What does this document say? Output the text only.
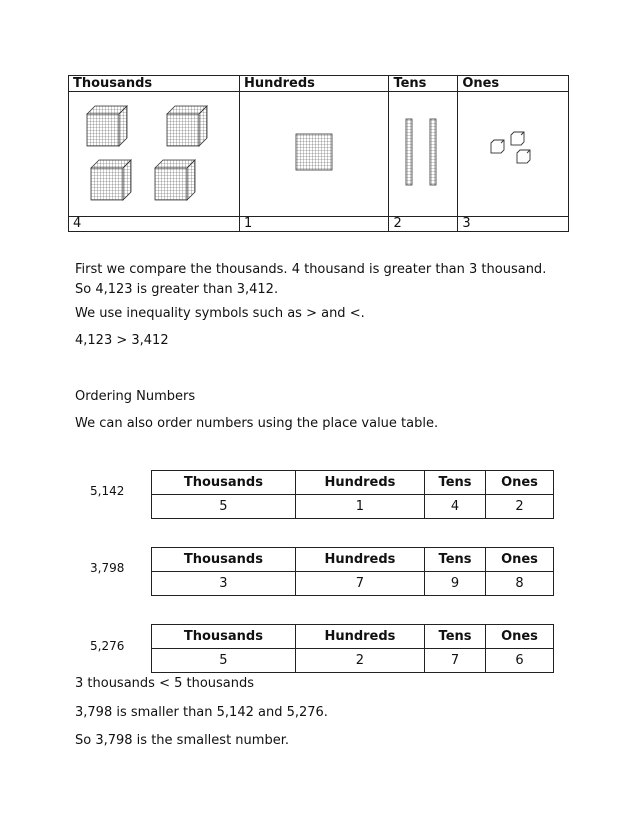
Thousands	Hundreds	Tens	Ones

4	1	2	3

First we compare the thousands. 4 thousand is greater than 3 thousand. So 4,123 is greater than 3,412.

We use inequality symbols such as > and <.

4,123 > 3,412

Ordering Numbers

We can also order numbers using the place value table.

5,142
Thousands	Hundreds	Tens	Ones
5	1	4	2
3,798
Thousands	Hundreds	Tens	Ones
3	7	9	8
5,276
Thousands	Hundreds	Tens	Ones
5	2	7	6

3 thousands < 5 thousands

3,798 is smaller than 5,142 and 5,276.

So 3,798 is the smallest number.
